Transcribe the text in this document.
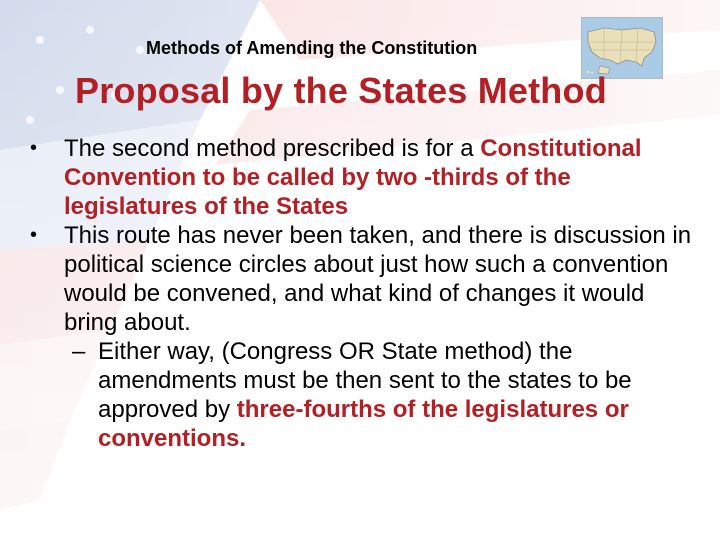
Methods of Amending the Constitution
Proposal by the States Method

• The second method prescribed is for a Constitutional Convention to be called by two -thirds of the legislatures of the States

• This route has never been taken, and there is discussion in political science circles about just how such a convention would be convened, and what kind of changes it would bring about.

– Either way, (Congress OR State method) the amendments must be then sent to the states to be approved by three-fourths of the legislatures or conventions.
